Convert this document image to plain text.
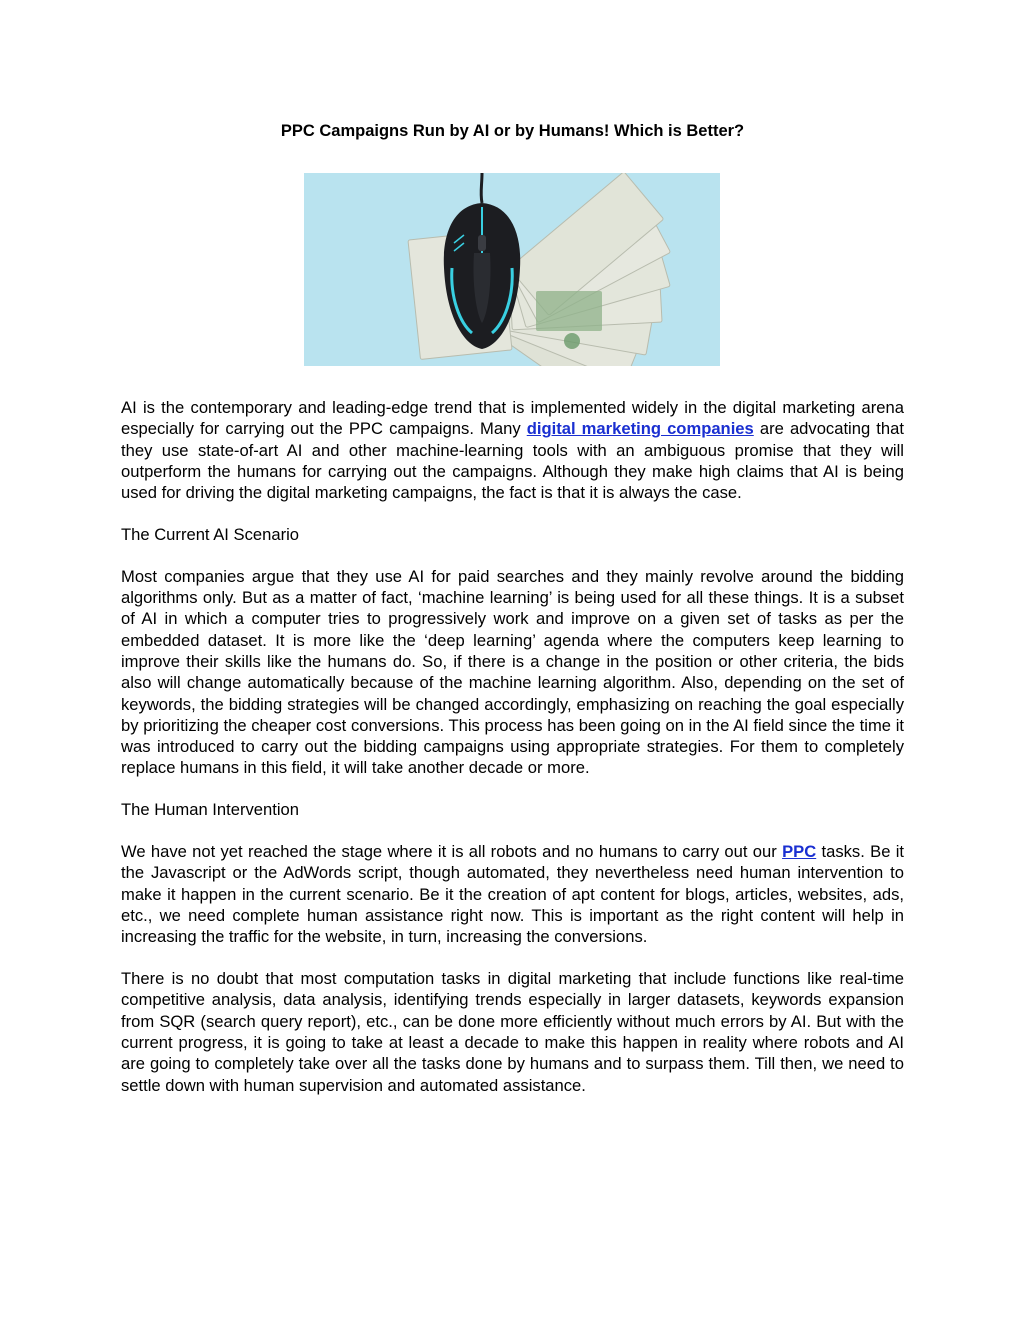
PPC Campaigns Run by AI or by Humans! Which is Better?

AI is the contemporary and leading-edge trend that is implemented widely in the digital marketing arena especially for carrying out the PPC campaigns. Many digital marketing companies are advocating that they use state-of-art AI and other machine-learning tools with an ambiguous promise that they will outperform the humans for carrying out the campaigns. Although they make high claims that AI is being used for driving the digital marketing campaigns, the fact is that it is always the case.

The Current AI Scenario

Most companies argue that they use AI for paid searches and they mainly revolve around the bidding algorithms only. But as a matter of fact, ‘machine learning’ is being used for all these things. It is a subset of AI in which a computer tries to progressively work and improve on a given set of tasks as per the embedded dataset. It is more like the ‘deep learning’ agenda where the computers keep learning to improve their skills like the humans do. So, if there is a change in the position or other criteria, the bids also will change automatically because of the machine learning algorithm. Also, depending on the set of keywords, the bidding strategies will be changed accordingly, emphasizing on reaching the goal especially by prioritizing the cheaper cost conversions. This process has been going on in the AI field since the time it was introduced to carry out the bidding campaigns using appropriate strategies. For them to completely replace humans in this field, it will take another decade or more.

The Human Intervention

We have not yet reached the stage where it is all robots and no humans to carry out our PPC tasks. Be it the Javascript or the AdWords script, though automated, they nevertheless need human intervention to make it happen in the current scenario. Be it the creation of apt content for blogs, articles, websites, ads, etc., we need complete human assistance right now. This is important as the right content will help in increasing the traffic for the website, in turn, increasing the conversions.

There is no doubt that most computation tasks in digital marketing that include functions like real-time competitive analysis, data analysis, identifying trends especially in larger datasets, keywords expansion from SQR (search query report), etc., can be done more efficiently without much errors by AI. But with the current progress, it is going to take at least a decade to make this happen in reality where robots and AI are going to completely take over all the tasks done by humans and to surpass them. Till then, we need to settle down with human supervision and automated assistance.
